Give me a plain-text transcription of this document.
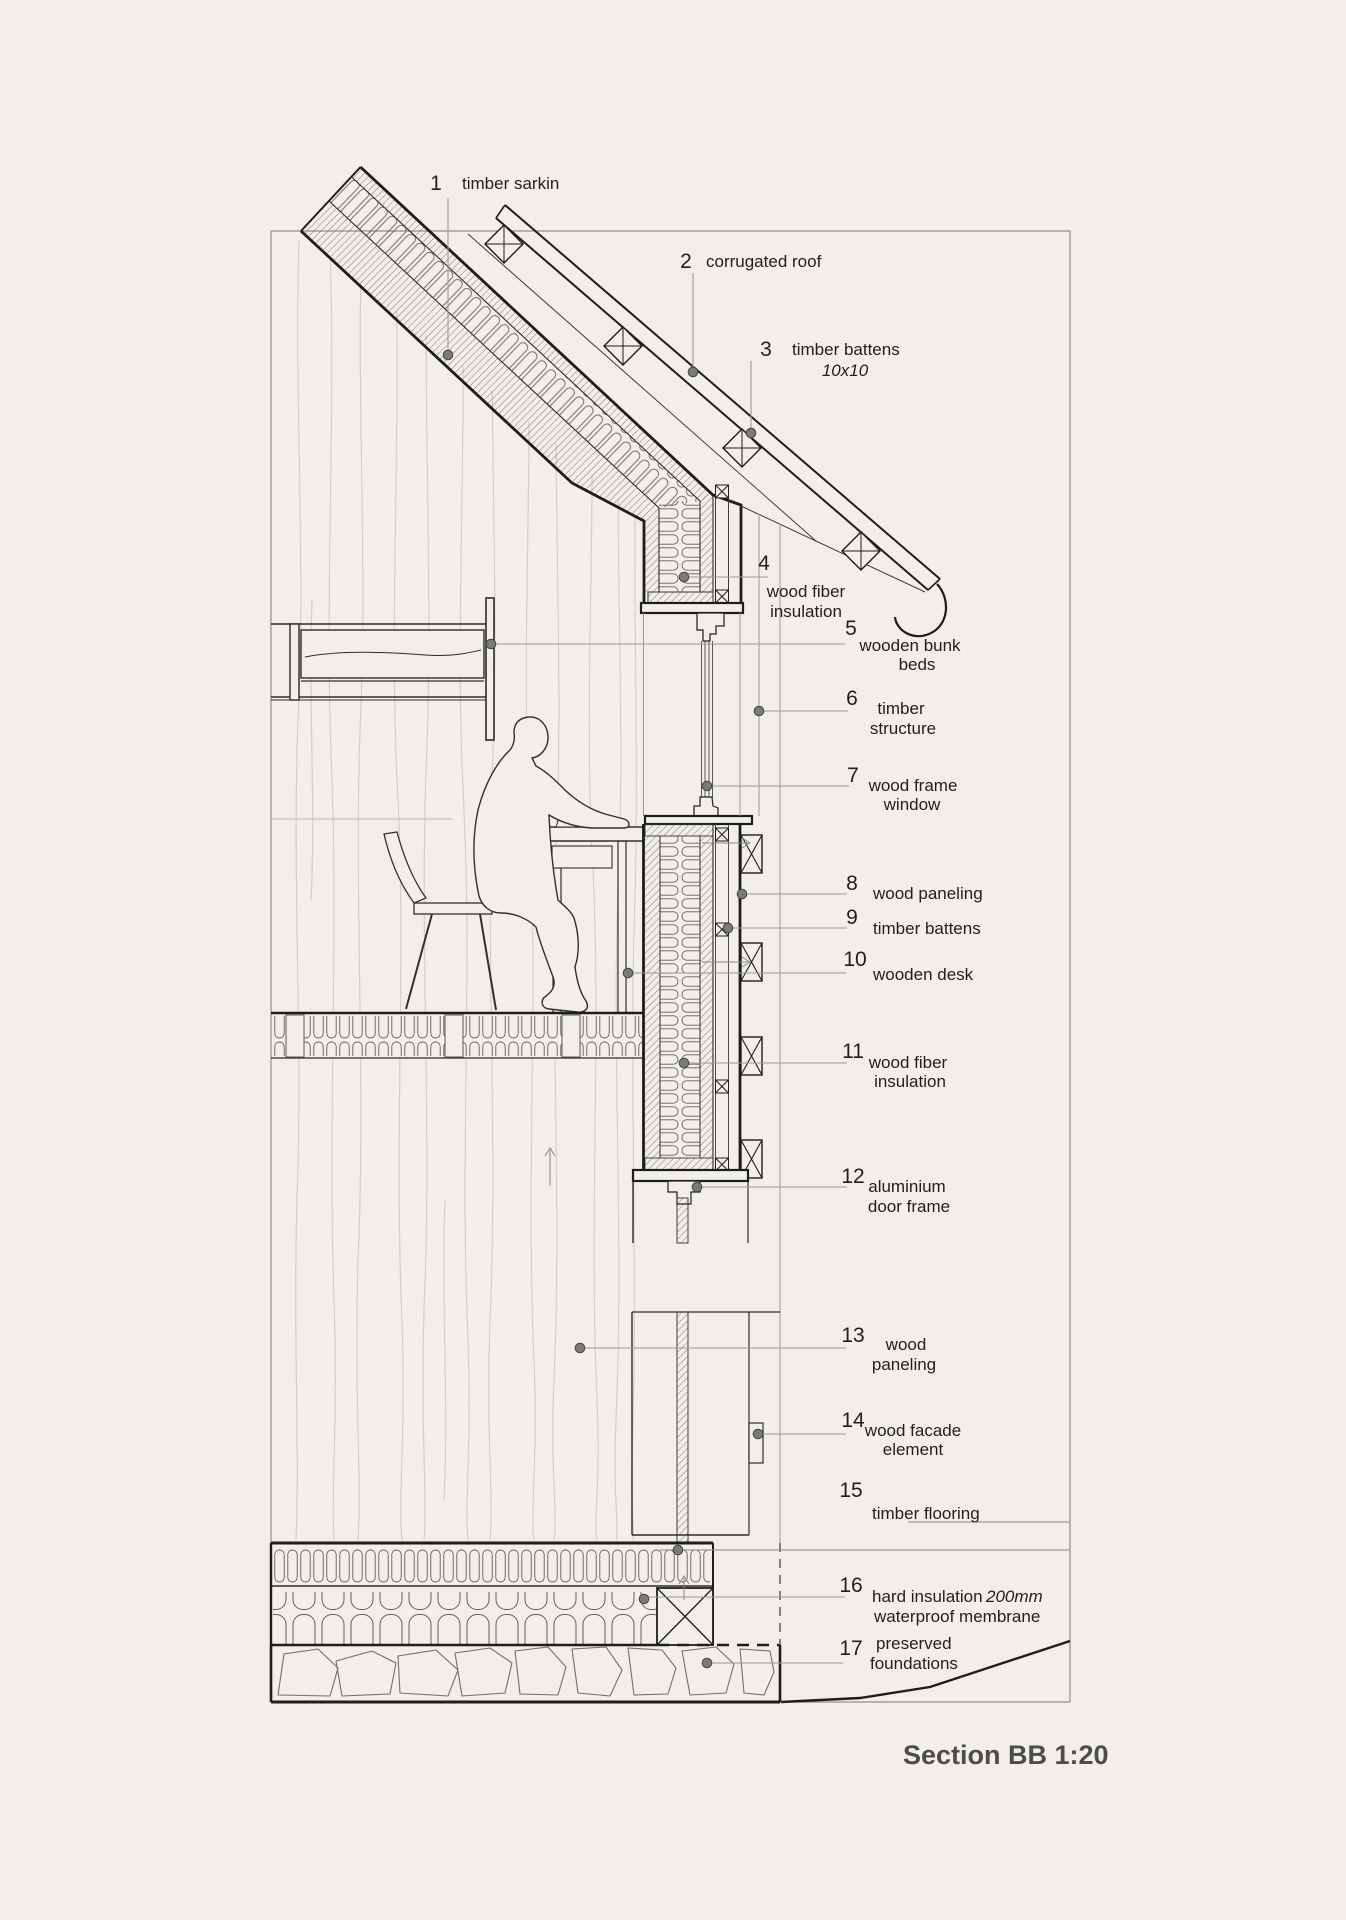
1 timber sarkin
2 corrugated roof
3 timber battens
10x10
4
wood fiber
insulation
5
wooden bunk
beds
6 timber
structure
7 wood frame
window
8 wood paneling
9 timber battens
10
wooden desk
11 wood fiber
insulation
12 aluminium
door frame
13 wood
paneling
14 wood facade
element
15
timber flooring
16 hard insulation 200mm
waterproof membrane
17 preserved
foundations
Section BB 1:20
